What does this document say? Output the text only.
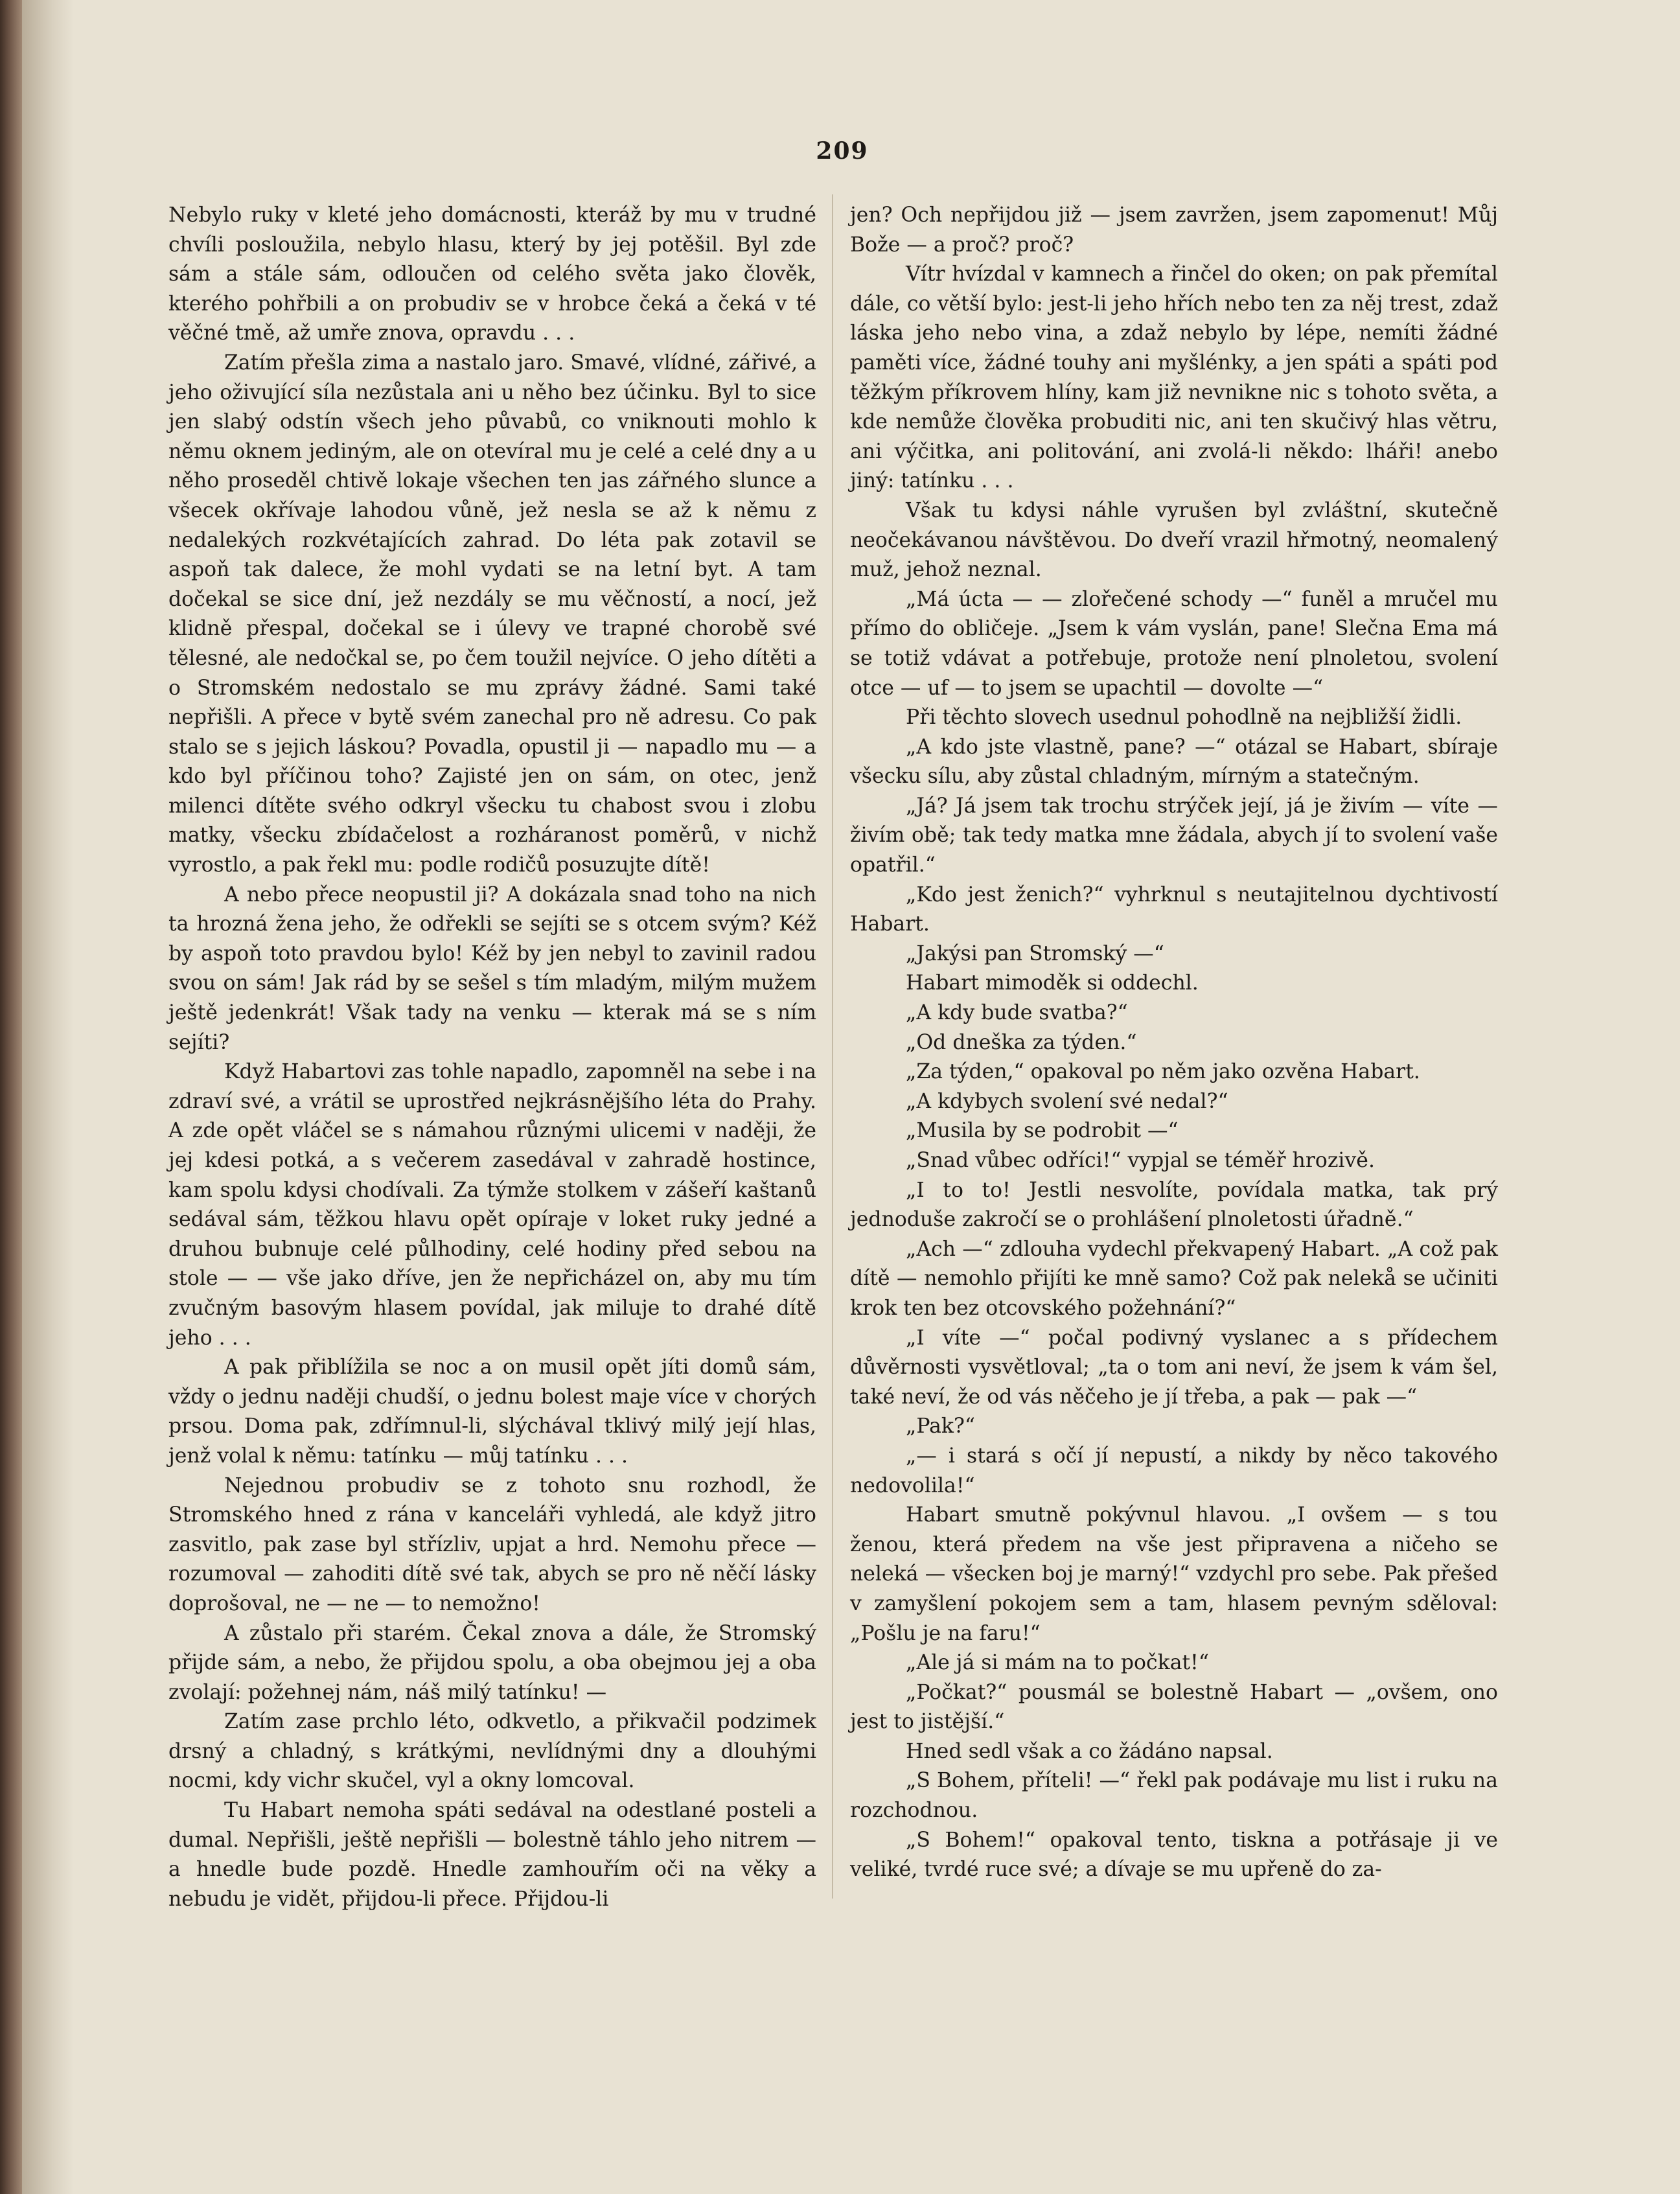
209

Nebylo ruky v kleté jeho domácnosti, kteráž by mu v trudné chvíli posloužila, nebylo hlasu, který by jej potěšil. Byl zde sám a stále sám, odloučen od celého světa jako člověk, kterého pohřbili a on probudiv se v hrobce čeká a čeká v té věčné tmě, až umře znova, opravdu . . .

Zatím přešla zima a nastalo jaro. Smavé, vlídné, zářivé, a jeho oživující síla nezůstala ani u něho bez účinku. Byl to sice jen slabý odstín všech jeho půvabů, co vniknouti mohlo k němu oknem jediným, ale on otevíral mu je celé a celé dny a u něho proseděl chtivě lokaje všechen ten jas zářného slunce a všecek okřívaje lahodou vůně, jež nesla se až k němu z nedalekých rozkvétajících zahrad. Do léta pak zotavil se aspoň tak dalece, že mohl vydati se na letní byt. A tam dočekal se sice dní, jež nezdály se mu věčností, a nocí, jež klidně přespal, dočekal se i úlevy ve trapné chorobě své tělesné, ale nedočkal se, po čem toužil nejvíce. O jeho dítěti a o Stromském nedostalo se mu zprávy žádné. Sami také nepřišli. A přece v bytě svém zanechal pro ně adresu. Co pak stalo se s jejich láskou? Povadla, opustil ji — napadlo mu — a kdo byl příčinou toho? Zajisté jen on sám, on otec, jenž milenci dítěte svého odkryl všecku tu chabost svou i zlobu matky, všecku zbídačelost a rozháranost poměrů, v nichž vyrostlo, a pak řekl mu: podle rodičů posuzujte dítě!

A nebo přece neopustil ji? A dokázala snad toho na nich ta hrozná žena jeho, že odřekli se sejíti se s otcem svým? Kéž by aspoň toto pravdou bylo! Kéž by jen nebyl to zavinil radou svou on sám! Jak rád by se sešel s tím mladým, milým mužem ještě jedenkrát! Však tady na venku — kterak má se s ním sejíti?

Když Habartovi zas tohle napadlo, zapomněl na sebe i na zdraví své, a vrátil se uprostřed nejkrásnějšího léta do Prahy. A zde opět vláčel se s námahou různými ulicemi v naději, že jej kdesi potká, a s večerem zasedával v zahradě hostince, kam spolu kdysi chodívali. Za týmže stolkem v zášeří kaštanů sedával sám, těžkou hlavu opět opíraje v loket ruky jedné a druhou bubnuje celé půlhodiny, celé hodiny před sebou na stole — — vše jako dříve, jen že nepřicházel on, aby mu tím zvučným basovým hlasem povídal, jak miluje to drahé dítě jeho . . .

A pak přiblížila se noc a on musil opět jíti domů sám, vždy o jednu naději chudší, o jednu bolest maje více v chorých prsou. Doma pak, zdřímnul-li, slýchával tklivý milý její hlas, jenž volal k němu: tatínku — můj tatínku . . .

Nejednou probudiv se z tohoto snu rozhodl, že Stromského hned z rána v kanceláři vyhledá, ale když jitro zasvitlo, pak zase byl střízliv, upjat a hrd. Nemohu přece — rozumoval — zahoditi dítě své tak, abych se pro ně něčí lásky doprošoval, ne — ne — to nemožno!

A zůstalo při starém. Čekal znova a dále, že Stromský přijde sám, a nebo, že přijdou spolu, a oba obejmou jej a oba zvolají: požehnej nám, náš milý tatínku! —

Zatím zase prchlo léto, odkvetlo, a přikvačil podzimek drsný a chladný, s krátkými, nevlídnými dny a dlouhými nocmi, kdy vichr skučel, vyl a okny lomcoval.

Tu Habart nemoha spáti sedával na odestlané posteli a dumal. Nepřišli, ještě nepřišli — bolestně táhlo jeho nitrem — a hnedle bude pozdě. Hnedle zamhouřím oči na věky a nebudu je vidět, přijdou-li přece. Přijdou-li

jen? Och nepřijdou již — jsem zavržen, jsem zapomenut! Můj Bože — a proč? proč?

Vítr hvízdal v kamnech a řinčel do oken; on pak přemítal dále, co větší bylo: jest-li jeho hřích nebo ten za něj trest, zdaž láska jeho nebo vina, a zdaž nebylo by lépe, nemíti žádné paměti více, žádné touhy ani myšlénky, a jen spáti a spáti pod těžkým příkrovem hlíny, kam již nevnikne nic s tohoto světa, a kde nemůže člověka probuditi nic, ani ten skučivý hlas větru, ani výčitka, ani politování, ani zvolá-li někdo: lháři! anebo jiný: tatínku . . .

Však tu kdysi náhle vyrušen byl zvláštní, skutečně neočekávanou návštěvou. Do dveří vrazil hřmotný, neomalený muž, jehož neznal.

„Má úcta — — zlořečené schody —“ funěl a mručel mu přímo do obličeje. „Jsem k vám vyslán, pane! Slečna Ema má se totiž vdávat a potřebuje, protože není plnoletou, svolení otce — uf — to jsem se upachtil — dovolte —“

Při těchto slovech usednul pohodlně na nejbližší židli.

„A kdo jste vlastně, pane? —“ otázal se Habart, sbíraje všecku sílu, aby zůstal chladným, mírným a statečným.

„Já? Já jsem tak trochu strýček její, já je živím — víte — živím obě; tak tedy matka mne žádala, abych jí to svolení vaše opatřil.“

„Kdo jest ženich?“ vyhrknul s neutajitelnou dychtivostí Habart.

„Jakýsi pan Stromský —“

Habart mimoděk si oddechl.

„A kdy bude svatba?“

„Od dneška za týden.“

„Za týden,“ opakoval po něm jako ozvěna Habart.

„A kdybych svolení své nedal?“

„Musila by se podrobit —“

„Snad vůbec odříci!“ vypjal se téměř hrozivě.

„I to to! Jestli nesvolíte, povídala matka, tak prý jednoduše zakročí se o prohlášení plnoletosti úřadně.“

„Ach —“ zdlouha vydechl překvapený Habart. „A což pak dítě — nemohlo přijíti ke mně samo? Což pak nelekå se učiniti krok ten bez otcovského požehnání?“

„I víte —“ počal podivný vyslanec a s přídechem důvěrnosti vysvětloval; „ta o tom ani neví, že jsem k vám šel, také neví, že od vás něčeho je jí třeba, a pak — pak —“

„Pak?“

„— i stará s očí jí nepustí, a nikdy by něco takového nedovolila!“

Habart smutně pokývnul hlavou. „I ovšem — s tou ženou, která předem na vše jest připravena a ničeho se neleká — všecken boj je marný!“ vzdychl pro sebe. Pak přešed v zamyšlení pokojem sem a tam, hlasem pevným sděloval: „Pošlu je na faru!“

„Ale já si mám na to počkat!“

„Počkat?“ pousmál se bolestně Habart — „ovšem, ono jest to jistější.“

Hned sedl však a co žádáno napsal.

„S Bohem, příteli! —“ řekl pak podávaje mu list i ruku na rozchodnou.

„S Bohem!“ opakoval tento, tiskna a potřásaje ji ve veliké, tvrdé ruce své; a dívaje se mu upřeně do za-
